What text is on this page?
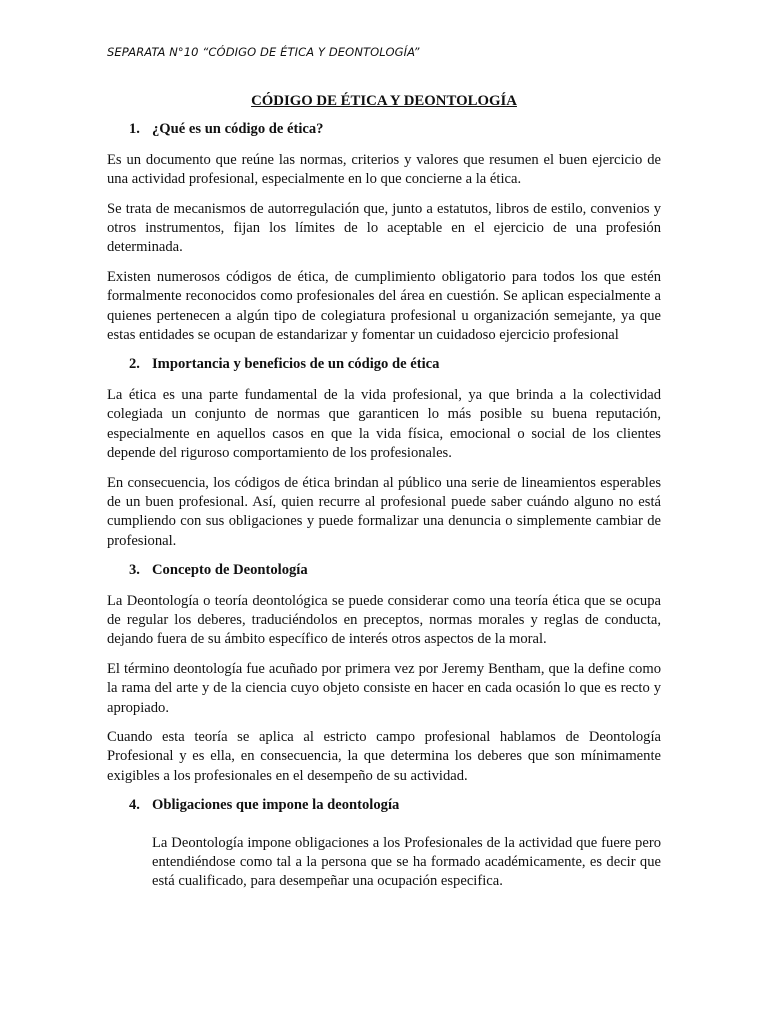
SEPARATA N°10 “CÓDIGO DE ÉTICA Y DEONTOLOGÍA”
CÓDIGO DE ÉTICA Y DEONTOLOGÍA
1. ¿Qué es un código de ética?

Es un documento que reúne las normas, criterios y valores que resumen el buen ejercicio de una actividad profesional, especialmente en lo que concierne a la ética.

Se trata de mecanismos de autorregulación que, junto a estatutos, libros de estilo, convenios y otros instrumentos, fijan los límites de lo aceptable en el ejercicio de una profesión determinada.

Existen numerosos códigos de ética, de cumplimiento obligatorio para todos los que estén formalmente reconocidos como profesionales del área en cuestión. Se aplican especialmente a quienes pertenecen a algún tipo de colegiatura profesional u organización semejante, ya que estas entidades se ocupan de estandarizar y fomentar un cuidadoso ejercicio profesional

2. Importancia y beneficios de un código de ética

La ética es una parte fundamental de la vida profesional, ya que brinda a la colectividad colegiada un conjunto de normas que garanticen lo más posible su buena reputación, especialmente en aquellos casos en que la vida física, emocional o social de los clientes depende del riguroso comportamiento de los profesionales.

En consecuencia, los códigos de ética brindan al público una serie de lineamientos esperables de un buen profesional. Así, quien recurre al profesional puede saber cuándo alguno no está cumpliendo con sus obligaciones y puede formalizar una denuncia o simplemente cambiar de profesional.

3. Concepto de Deontología

La Deontología o teoría deontológica se puede considerar como una teoría ética que se ocupa de regular los deberes, traduciéndolos en preceptos, normas morales y reglas de conducta, dejando fuera de su ámbito específico de interés otros aspectos de la moral.

El término deontología fue acuñado por primera vez por Jeremy Bentham, que la define como la rama del arte y de la ciencia cuyo objeto consiste en hacer en cada ocasión lo que es recto y apropiado.

Cuando esta teoría se aplica al estricto campo profesional hablamos de Deontología Profesional y es ella, en consecuencia, la que determina los deberes que son mínimamente exigibles a los profesionales en el desempeño de su actividad.

4. Obligaciones que impone la deontología

La Deontología impone obligaciones a los Profesionales de la actividad que fuere pero entendiéndose como tal a la persona que se ha formado académicamente, es decir que está cualificado, para desempeñar una ocupación especifica.
